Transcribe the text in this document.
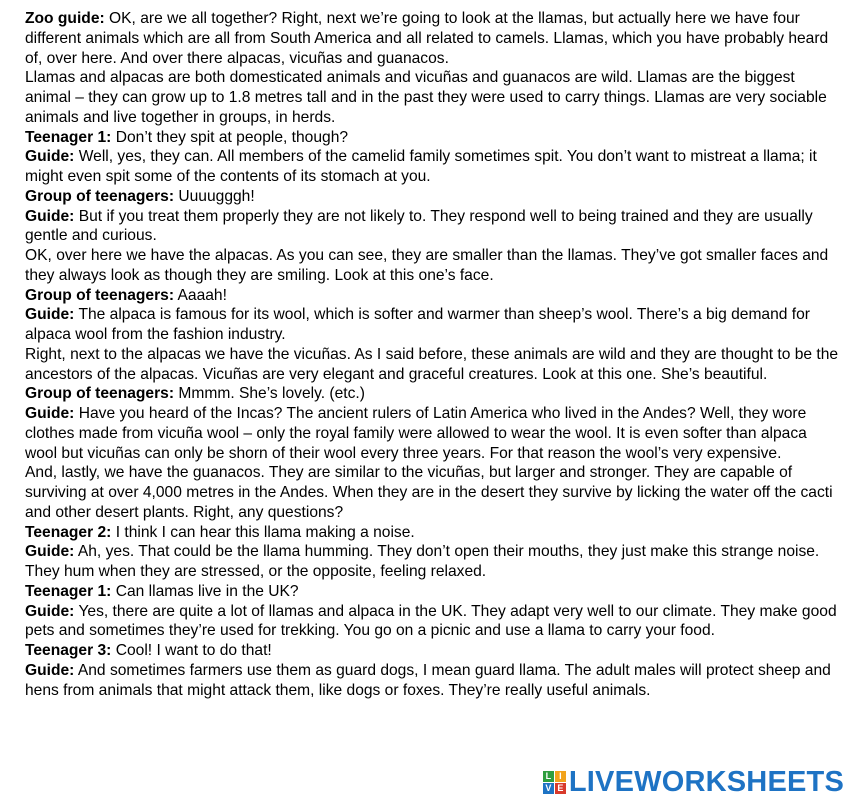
Zoo guide: OK, are we all together? Right, next we’re going to look at the llamas, but actually here we have four different animals which are all from South America and all related to camels. Llamas, which you have probably heard of, over here. And over there alpacas, vicuñas and guanacos.

Llamas and alpacas are both domesticated animals and vicuñas and guanacos are wild. Llamas are the biggest animal – they can grow up to 1.8 metres tall and in the past they were used to carry things. Llamas are very sociable animals and live together in groups, in herds.

Teenager 1: Don’t they spit at people, though?

Guide: Well, yes, they can. All members of the camelid family sometimes spit. You don’t want to mistreat a llama; it might even spit some of the contents of its stomach at you.

Group of teenagers: Uuuugggh!

Guide: But if you treat them properly they are not likely to. They respond well to being trained and they are usually gentle and curious.

OK, over here we have the alpacas. As you can see, they are smaller than the llamas. They’ve got smaller faces and they always look as though they are smiling. Look at this one’s face.

Group of teenagers: Aaaah!

Guide: The alpaca is famous for its wool, which is softer and warmer than sheep’s wool. There’s a big demand for alpaca wool from the fashion industry.

Right, next to the alpacas we have the vicuñas. As I said before, these animals are wild and they are thought to be the ancestors of the alpacas. Vicuñas are very elegant and graceful creatures. Look at this one. She’s beautiful.

Group of teenagers: Mmmm. She’s lovely. (etc.)

Guide: Have you heard of the Incas? The ancient rulers of Latin America who lived in the Andes? Well, they wore clothes made from vicuña wool – only the royal family were allowed to wear the wool. It is even softer than alpaca wool but vicuñas can only be shorn of their wool every three years. For that reason the wool’s very expensive.

And, lastly, we have the guanacos. They are similar to the vicuñas, but larger and stronger. They are capable of surviving at over 4,000 metres in the Andes. When they are in the desert they survive by licking the water off the cacti and other desert plants. Right, any questions?

Teenager 2: I think I can hear this llama making a noise.

Guide: Ah, yes. That could be the llama humming. They don’t open their mouths, they just make this strange noise. They hum when they are stressed, or the opposite, feeling relaxed.

Teenager 1: Can llamas live in the UK?

Guide: Yes, there are quite a lot of llamas and alpaca in the UK. They adapt very well to our climate. They make good pets and sometimes they’re used for trekking. You go on a picnic and use a llama to carry your food.

Teenager 3: Cool! I want to do that!

Guide: And sometimes farmers use them as guard dogs, I mean guard llama. The adult males will protect sheep and hens from animals that might attack them, like dogs or foxes. They’re really useful animals.

L I
V E LIVEWORKSHEETS
